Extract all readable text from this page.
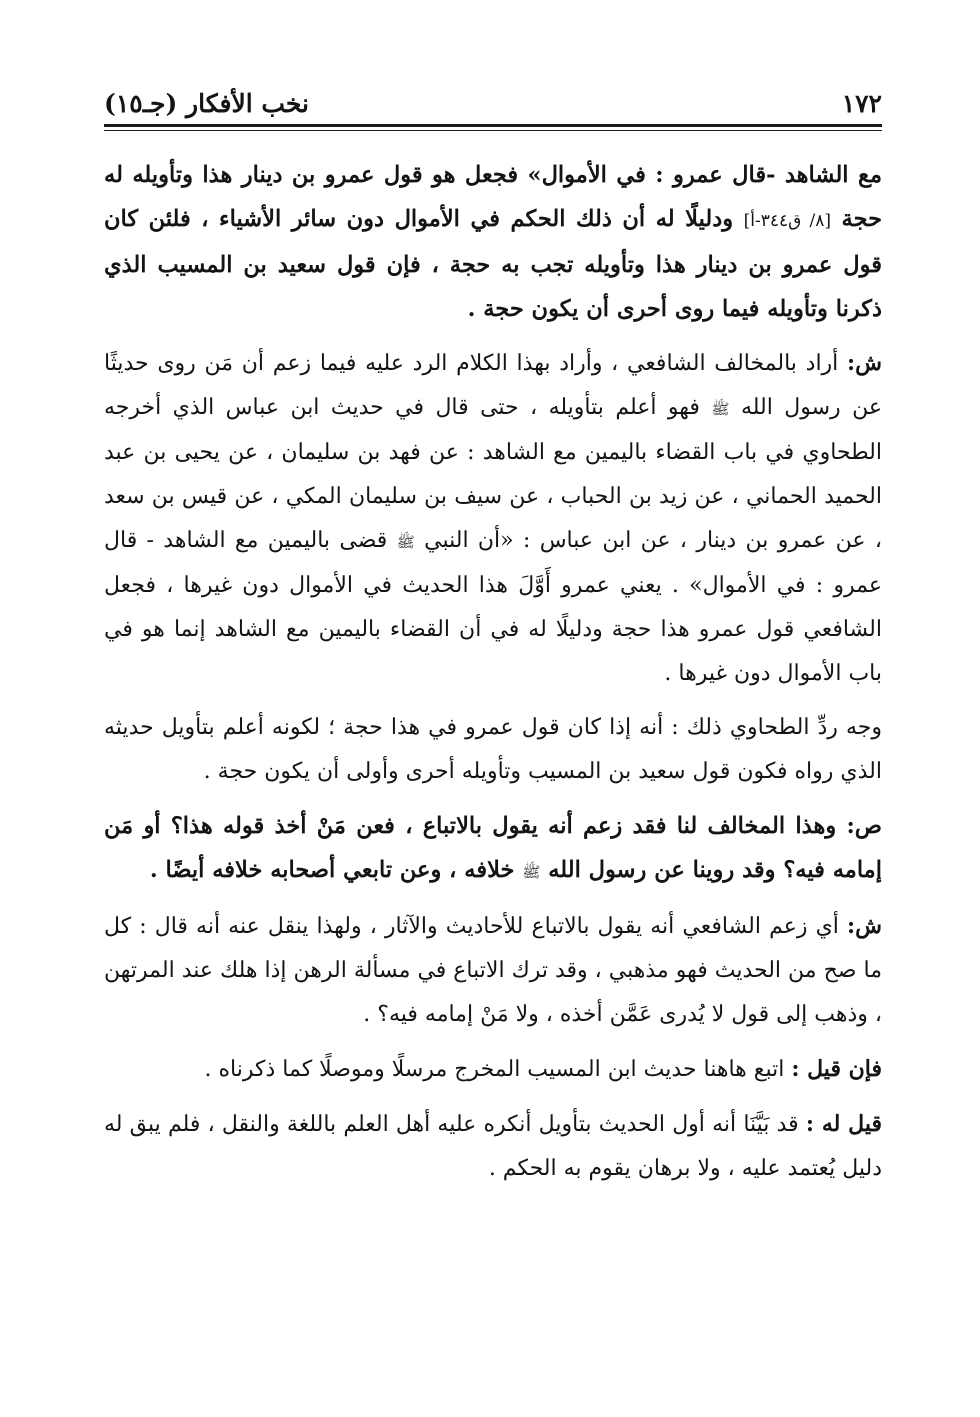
١٧٢
نخب الأفكار (جـ١٥)

مع الشاهد -قال عمرو : في الأموال» فجعل هو قول عمرو بن دينار هذا وتأويله له حجة [٨/ ق٣٤٤-أ] ودليلًا له أن ذلك الحكم في الأموال دون سائر الأشياء ، فلئن كان قول عمرو بن دينار هذا وتأويله تجب به حجة ، فإن قول سعيد بن المسيب الذي ذكرنا وتأويله فيما روى أحرى أن يكون حجة .

ش: أراد بالمخالف الشافعي ، وأراد بهذا الكلام الرد عليه فيما زعم أن مَن روى حديثًا عن رسول الله ﷺ فهو أعلم بتأويله ، حتى قال في حديث ابن عباس الذي أخرجه الطحاوي في باب القضاء باليمين مع الشاهد : عن فهد بن سليمان ، عن يحيى بن عبد الحميد الحماني ، عن زيد بن الحباب ، عن سيف بن سليمان المكي ، عن قيس بن سعد ، عن عمرو بن دينار ، عن ابن عباس : «أن النبي ﷺ قضى باليمين مع الشاهد - قال عمرو : في الأموال» . يعني عمرو أَوَّلَ هذا الحديث في الأموال دون غيرها ، فجعل الشافعي قول عمرو هذا حجة ودليلًا له في أن القضاء باليمين مع الشاهد إنما هو في باب الأموال دون غيرها .

وجه ردِّ الطحاوي ذلك : أنه إذا كان قول عمرو في هذا حجة ؛ لكونه أعلم بتأويل حديثه الذي رواه فكون قول سعيد بن المسيب وتأويله أحرى وأولى أن يكون حجة .

ص: وهذا المخالف لنا فقد زعم أنه يقول بالاتباع ، فعن مَنْ أخذ قوله هذا؟ أو مَن إمامه فيه؟ وقد روينا عن رسول الله ﷺ خلافه ، وعن تابعي أصحابه خلافه أيضًا .

ش: أي زعم الشافعي أنه يقول بالاتباع للأحاديث والآثار ، ولهذا ينقل عنه أنه قال : كل ما صح من الحديث فهو مذهبي ، وقد ترك الاتباع في مسألة الرهن إذا هلك عند المرتهن ، وذهب إلى قول لا يُدرى عَمَّن أخذه ، ولا مَنْ إمامه فيه؟ .

فإن قيل : اتبع هاهنا حديث ابن المسيب المخرج مرسلًا وموصلًا كما ذكرناه .

قيل له : قد بَيَّنَا أنه أول الحديث بتأويل أنكره عليه أهل العلم باللغة والنقل ، فلم يبق له دليل يُعتمد عليه ، ولا برهان يقوم به الحكم .
